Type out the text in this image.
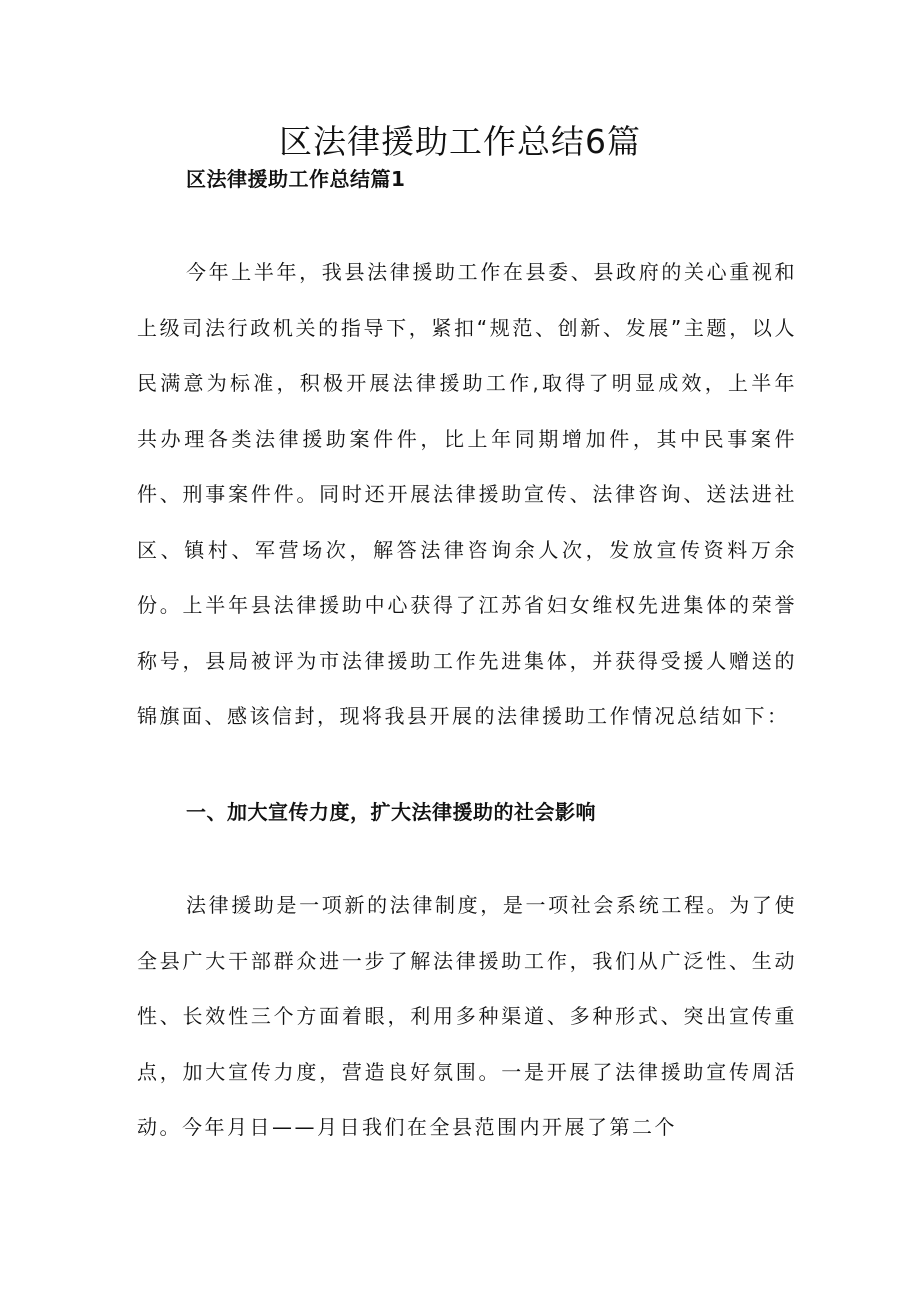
区法律援助工作总结6篇
区法律援助工作总结篇1

今年上半年，我县法律援助工作在县委、县政府的关心重视和上级司法行政机关的指导下，紧扣“规范、创新、发展”主题，以人民满意为标准，积极开展法律援助工作,取得了明显成效，上半年共办理各类法律援助案件件，比上年同期增加件，其中民事案件件、刑事案件件。同时还开展法律援助宣传、法律咨询、送法进社区、镇村、军营场次，解答法律咨询余人次，发放宣传资料万余份。上半年县法律援助中心获得了江苏省妇女维权先进集体的荣誉称号，县局被评为市法律援助工作先进集体，并获得受援人赠送的锦旗面、感该信封，现将我县开展的法律援助工作情况总结如下：

一、加大宣传力度，扩大法律援助的社会影响

法律援助是一项新的法律制度，是一项社会系统工程。为了使全县广大干部群众进一步了解法律援助工作，我们从广泛性、生动性、长效性三个方面着眼，利用多种渠道、多种形式、突出宣传重点，加大宣传力度，营造良好氛围。一是开展了法律援助宣传周活动。今年月日——月日我们在全县范围内开展了第二个
